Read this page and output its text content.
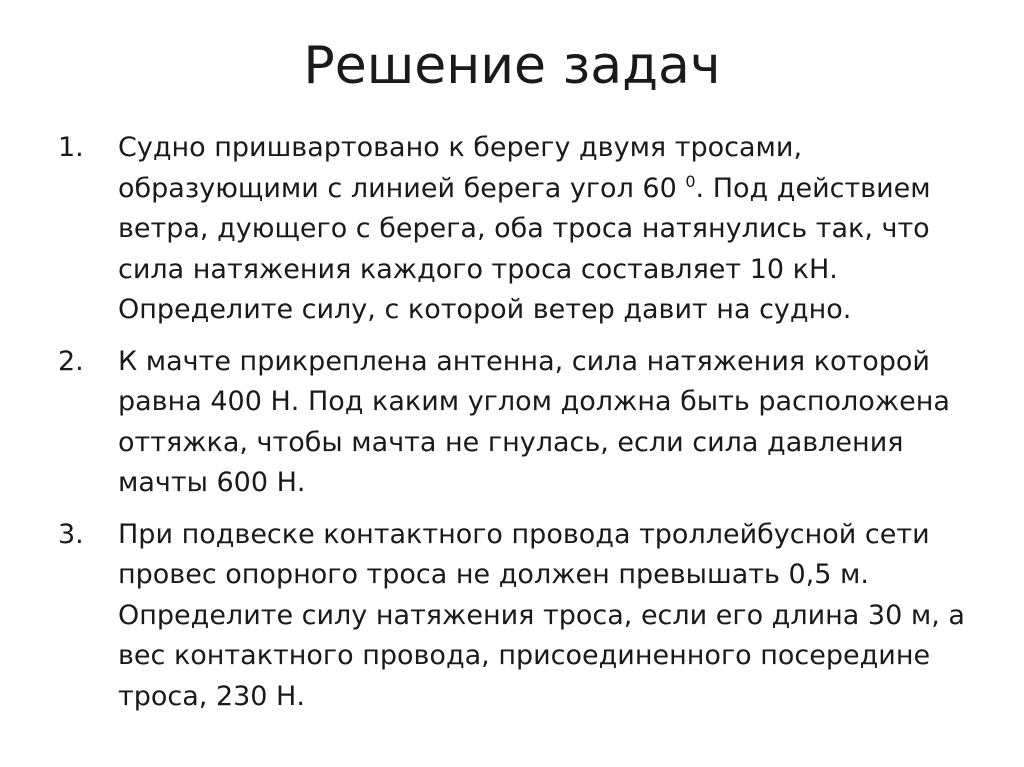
Решение задач
1. Судно пришвартовано к берегу двумя тросами,
образующими с линией берега угол 60 $^0$. Под действием
ветра, дующего с берега, оба троса натянулись так, что
сила натяжения каждого троса составляет 10 кН.
Определите силу, с которой ветер давит на судно.
2. К мачте прикреплена антенна, сила натяжения которой
равна 400 Н. Под каким углом должна быть расположена
оттяжка, чтобы мачта не гнулась, если сила давления
мачты 600 Н.
3. При подвеске контактного провода троллейбусной сети
провес опорного троса не должен превышать 0,5 м.
Определите силу натяжения троса, если его длина 30 м, а
вес контактного провода, присоединенного посередине
троса, 230 Н.
